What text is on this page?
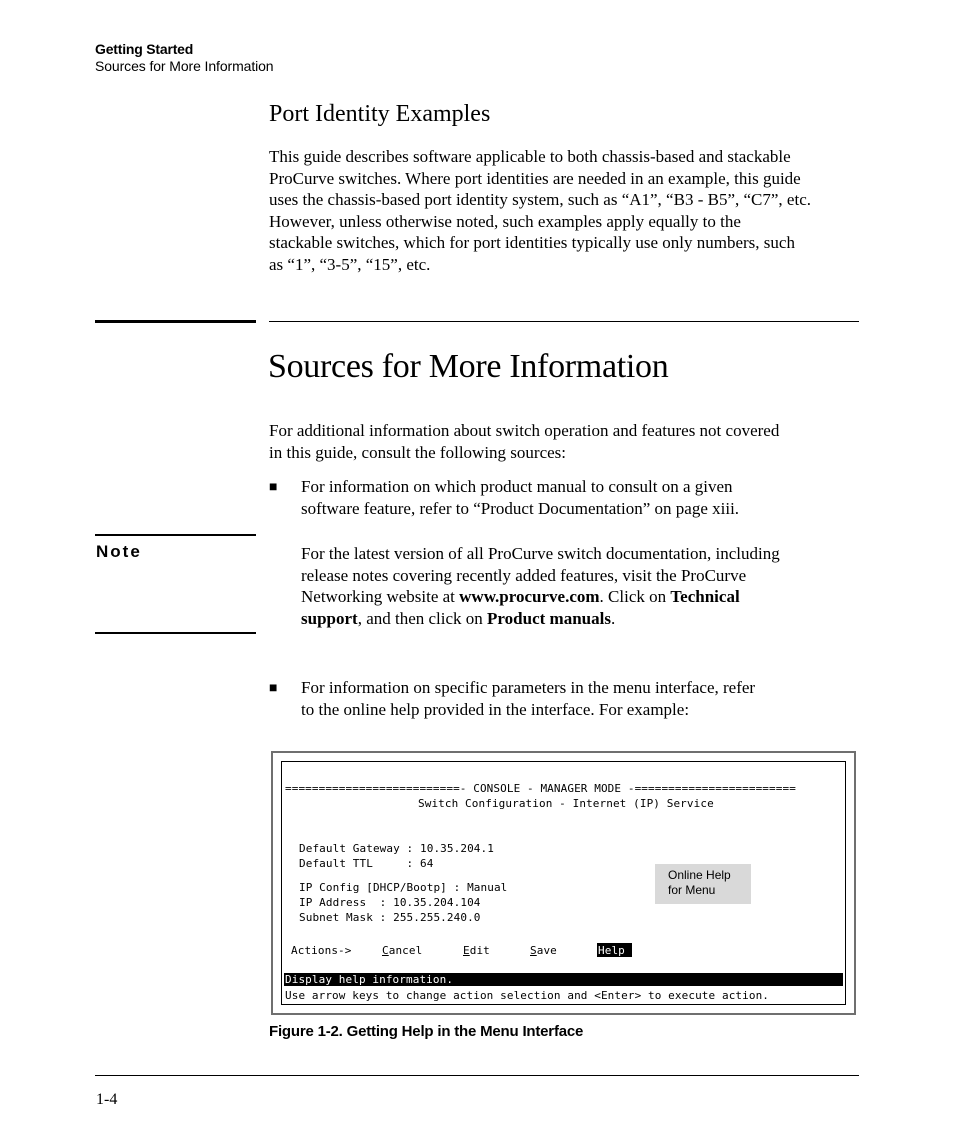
Getting Started
Sources for More Information
Port Identity Examples
This guide describes software applicable to both chassis-based and stackable
ProCurve switches. Where port identities are needed in an example, this guide
uses the chassis-based port identity system, such as “A1”, “B3 - B5”, “C7”, etc.
However, unless otherwise noted, such examples apply equally to the
stackable switches, which for port identities typically use only numbers, such
as “1”, “3-5”, “15”, etc.
Sources for More Information
For additional information about switch operation and features not covered
in this guide, consult the following sources:
■ For information on which product manual to consult on a given
software feature, refer to “Product Documentation” on page xiii.
Note	For the latest version of all ProCurve switch documentation, including
release notes covering recently added features, visit the ProCurve
Networking website at www.procurve.com. Click on Technical
support, and then click on Product manuals.
■ For information on specific parameters in the menu interface, refer
to the online help provided in the interface. For example:
==========================- CONSOLE - MANAGER MODE -========================
Switch Configuration - Internet (IP) Service
Default Gateway : 10.35.204.1
Default TTL     : 64
IP Config [DHCP/Bootp] : Manual
IP Address  : 10.35.204.104
Subnet Mask : 255.255.240.0
Actions->	Cancel	Edit	Save	Help
Display help information.
Use arrow keys to change action selection and <Enter> to execute action.
Online Help
for Menu
Figure 1-2. Getting Help in the Menu Interface
1-4
